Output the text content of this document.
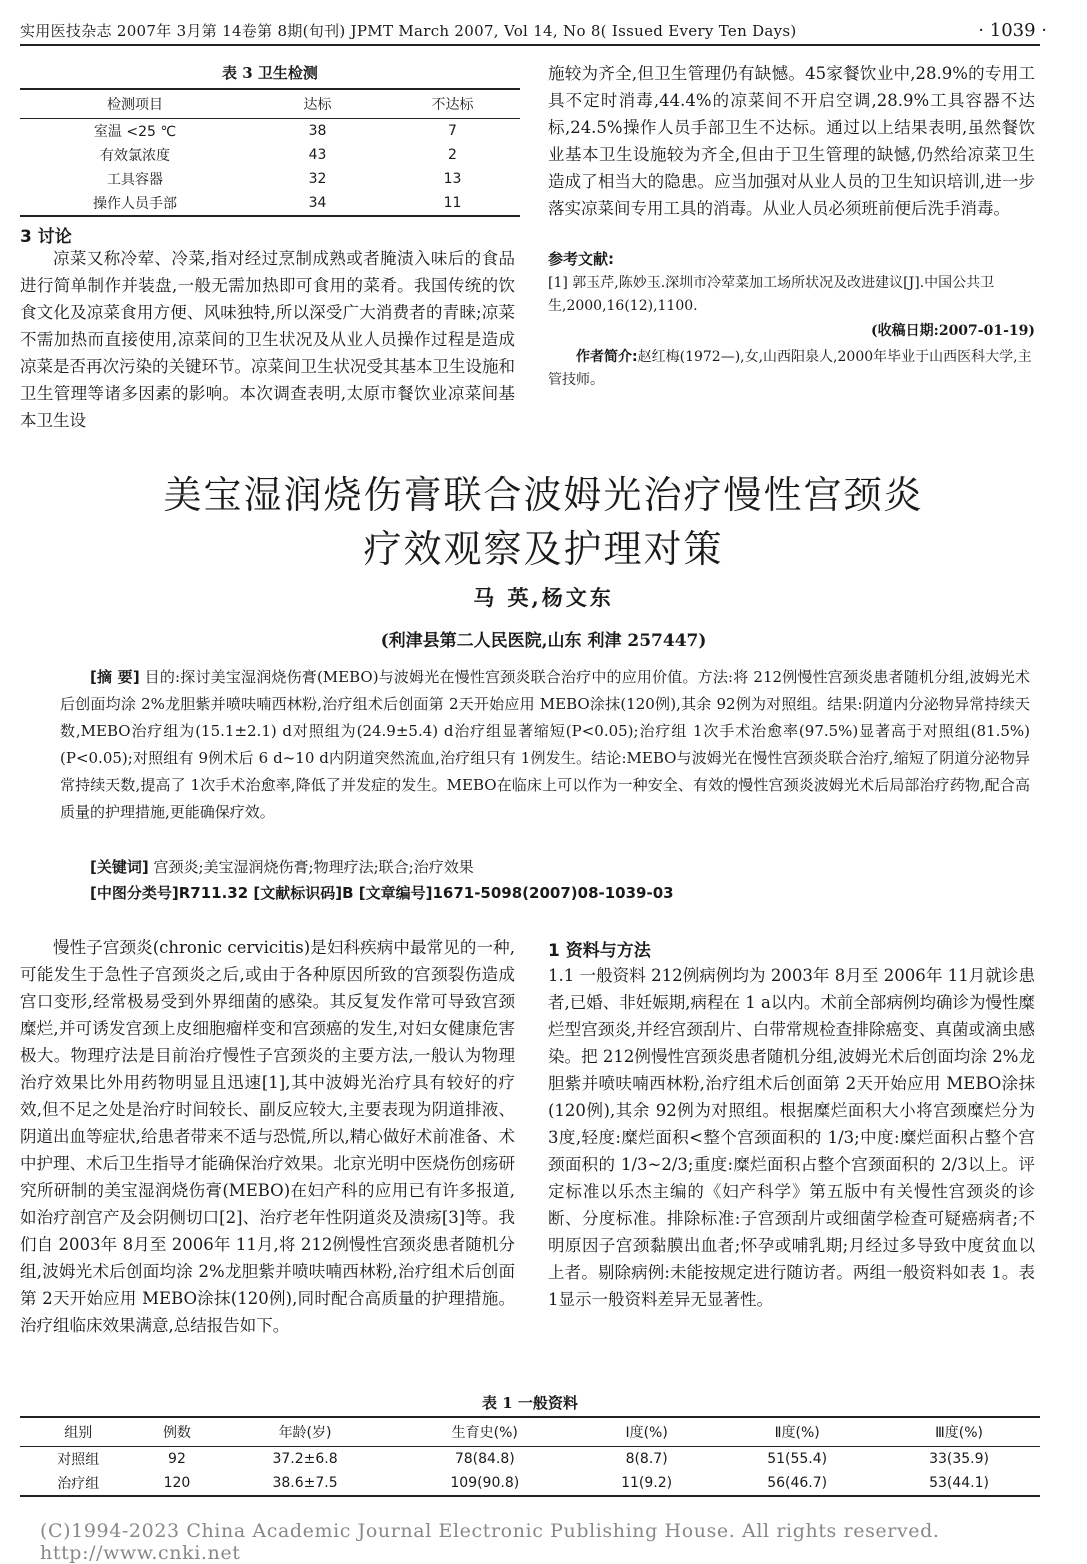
实用医技杂志 2007年 3月第 14卷第 8期(旬刊) JPMT March 2007, Vol 14, No 8( Issued Every Ten Days)	· 1039 ·
表 3 卫生检测
检测项目	达标	不达标
室温 <25 ℃	38	7
有效氯浓度	43	2
工具容器	32	13
操作人员手部	34	11
3 讨论

凉菜又称冷荤、冷菜,指对经过烹制成熟或者腌渍入味后的食品进行简单制作并装盘,一般无需加热即可食用的菜肴。我国传统的饮食文化及凉菜食用方便、风味独特,所以深受广大消费者的青睐;凉菜不需加热而直接使用,凉菜间的卫生状况及从业人员操作过程是造成凉菜是否再次污染的关键环节。凉菜间卫生状况受其基本卫生设施和卫生管理等诸多因素的影响。本次调查表明,太原市餐饮业凉菜间基本卫生设

施较为齐全,但卫生管理仍有缺憾。45家餐饮业中,28.9%的专用工具不定时消毒,44.4%的凉菜间不开启空调,28.9%工具容器不达标,24.5%操作人员手部卫生不达标。通过以上结果表明,虽然餐饮业基本卫生设施较为齐全,但由于卫生管理的缺憾,仍然给凉菜卫生造成了相当大的隐患。应当加强对从业人员的卫生知识培训,进一步落实凉菜间专用工具的消毒。从业人员必须班前便后洗手消毒。

参考文献:
[1] 郭玉芹,陈妙玉.深圳市冷荤菜加工场所状况及改进建议[J].中国公共卫生,2000,16(12),1100.
(收稿日期:2007-01-19)
作者简介:赵红梅(1972—),女,山西阳泉人,2000年毕业于山西医科大学,主管技师。
美宝湿润烧伤膏联合波姆光治疗慢性宫颈炎
疗效观察及护理对策
马 英,杨文东
(利津县第二人民医院,山东 利津 257447)
[摘 要] 目的:探讨美宝湿润烧伤膏(MEBO)与波姆光在慢性宫颈炎联合治疗中的应用价值。方法:将 212例慢性宫颈炎患者随机分组,波姆光术后创面均涂 2%龙胆紫并喷呋喃西林粉,治疗组术后创面第 2天开始应用 MEBO涂抹(120例),其余 92例为对照组。结果:阴道内分泌物异常持续天数,MEBO治疗组为(15.1±2.1) d对照组为(24.9±5.4) d治疗组显著缩短(P<0.05);治疗组 1次手术治愈率(97.5%)显著高于对照组(81.5%)(P<0.05);对照组有 9例术后 6 d~10 d内阴道突然流血,治疗组只有 1例发生。结论:MEBO与波姆光在慢性宫颈炎联合治疗,缩短了阴道分泌物异常持续天数,提高了 1次手术治愈率,降低了并发症的发生。MEBO在临床上可以作为一种安全、有效的慢性宫颈炎波姆光术后局部治疗药物,配合高质量的护理措施,更能确保疗效。
[关键词] 宫颈炎;美宝湿润烧伤膏;物理疗法;联合;治疗效果
[中图分类号]R711.32 [文献标识码]B [文章编号]1671-5098(2007)08-1039-03

慢性子宫颈炎(chronic cervicitis)是妇科疾病中最常见的一种,可能发生于急性子宫颈炎之后,或由于各种原因所致的宫颈裂伤造成宫口变形,经常极易受到外界细菌的感染。其反复发作常可导致宫颈糜烂,并可诱发宫颈上皮细胞瘤样变和宫颈癌的发生,对妇女健康危害极大。物理疗法是目前治疗慢性子宫颈炎的主要方法,一般认为物理治疗效果比外用药物明显且迅速[1],其中波姆光治疗具有较好的疗效,但不足之处是治疗时间较长、副反应较大,主要表现为阴道排液、阴道出血等症状,给患者带来不适与恐慌,所以,精心做好术前准备、术中护理、术后卫生指导才能确保治疗效果。北京光明中医烧伤创疡研究所研制的美宝湿润烧伤膏(MEBO)在妇产科的应用已有许多报道,如治疗剖宫产及会阴侧切口[2]、治疗老年性阴道炎及溃疡[3]等。我们自 2003年 8月至 2006年 11月,将 212例慢性宫颈炎患者随机分组,波姆光术后创面均涂 2%龙胆紫并喷呋喃西林粉,治疗组术后创面第 2天开始应用 MEBO涂抹(120例),同时配合高质量的护理措施。治疗组临床效果满意,总结报告如下。

1 资料与方法

1.1 一般资料 212例病例均为 2003年 8月至 2006年 11月就诊患者,已婚、非妊娠期,病程在 1 a以内。术前全部病例均确诊为慢性糜烂型宫颈炎,并经宫颈刮片、白带常规检查排除癌变、真菌或滴虫感染。把 212例慢性宫颈炎患者随机分组,波姆光术后创面均涂 2%龙胆紫并喷呋喃西林粉,治疗组术后创面第 2天开始应用 MEBO涂抹(120例),其余 92例为对照组。根据糜烂面积大小将宫颈糜烂分为 3度,轻度:糜烂面积<整个宫颈面积的 1/3;中度:糜烂面积占整个宫颈面积的 1/3~2/3;重度:糜烂面积占整个宫颈面积的 2/3以上。评定标准以乐杰主编的《妇产科学》第五版中有关慢性宫颈炎的诊断、分度标准。排除标准:子宫颈刮片或细菌学检查可疑癌病者;不明原因子宫颈黏膜出血者;怀孕或哺乳期;月经过多导致中度贫血以上者。剔除病例:未能按规定进行随访者。两组一般资料如表 1。表 1显示一般资料差异无显著性。

表 1 一般资料
组别	例数	年龄(岁)	生育史(%)	Ⅰ度(%)	Ⅱ度(%)	Ⅲ度(%)
对照组	92	37.2±6.8	78(84.8)	8(8.7)	51(55.4)	33(35.9)
治疗组	120	38.6±7.5	109(90.8)	11(9.2)	56(46.7)	53(44.1)
(C)1994-2023 China Academic Journal Electronic Publishing House. All rights reserved. http://www.cnki.net
